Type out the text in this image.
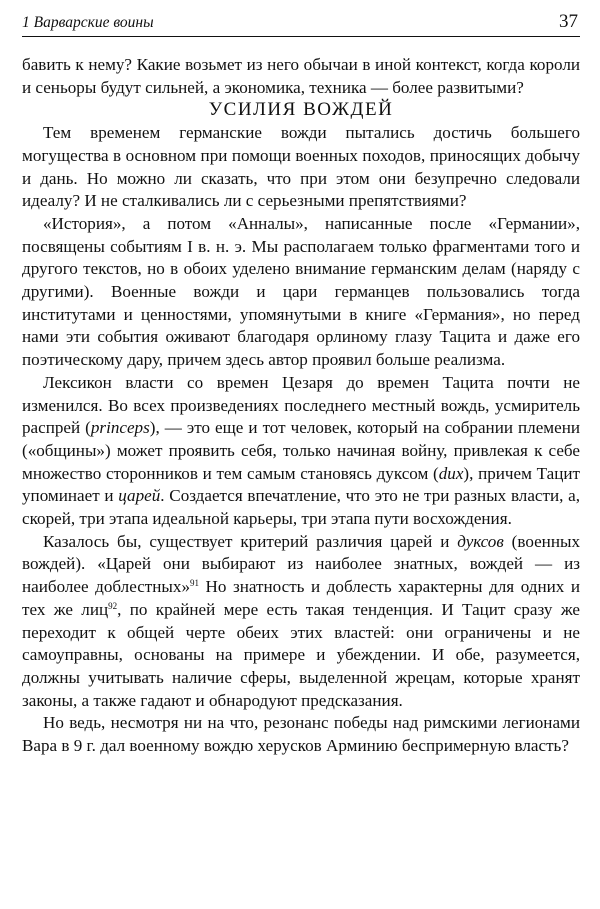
1 Варварские воины	37

бавить к нему? Какие возьмет из него обычаи в иной контекст, когда короли и сеньоры будут сильней, а экономика, техника — более развитыми?

УСИЛИЯ ВОЖДЕЙ

Тем временем германские вожди пытались достичь большего могущества в основном при помощи военных походов, приносящих добычу и дань. Но можно ли сказать, что при этом они безупречно следовали идеалу? И не сталкивались ли с серьезными препятствиями?

«История», а потом «Анналы», написанные после «Германии», посвящены событиям I в. н. э. Мы располагаем только фрагментами того и другого текстов, но в обоих уделено внимание германским делам (наряду с другими). Военные вожди и цари германцев пользовались тогда институтами и ценностями, упомянутыми в книге «Германия», но перед нами эти события оживают благодаря орлиному глазу Тацита и даже его поэтическому дару, причем здесь автор проявил больше реализма.

Лексикон власти со времен Цезаря до времен Тацита почти не изменился. Во всех произведениях последнего местный вождь, усмиритель распрей (princeps), — это еще и тот человек, который на собрании племени («общины») может проявить себя, только начиная войну, привлекая к себе множество сторонников и тем самым становясь дуксом (dux), причем Тацит упоминает и царей. Создается впечатление, что это не три разных власти, а, скорей, три этапа идеальной карьеры, три этапа пути восхождения.

Казалось бы, существует критерий различия царей и дуксов (военных вождей). «Царей они выбирают из наиболее знатных, вождей — из наиболее доблестных»$^{91}$ Но знатность и доблесть характерны для одних и тех же лиц$^{92}$, по крайней мере есть такая тенденция. И Тацит сразу же переходит к общей черте обеих этих властей: они ограничены и не самоуправны, основаны на примере и убеждении. И обе, разумеется, должны учитывать наличие сферы, выделенной жрецам, которые хранят законы, а также гадают и обнародуют предсказания.

Но ведь, несмотря ни на что, резонанс победы над римскими легионами Вара в 9 г. дал военному вождю херусков Арминию беспримерную власть?
